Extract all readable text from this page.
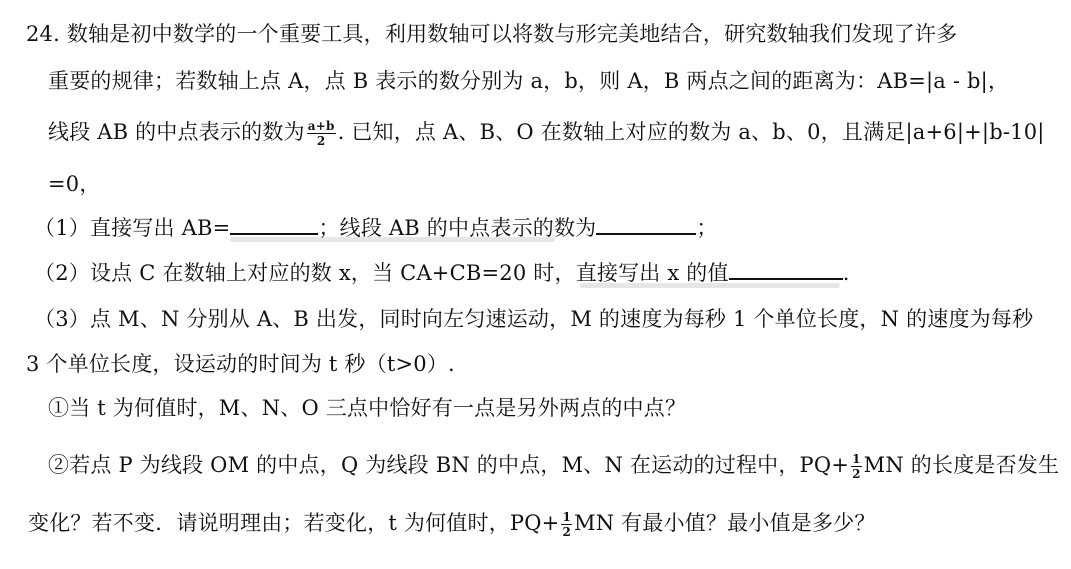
24. 数轴是初中数学的一个重要工具，利用数轴可以将数与形完美地结合，研究数轴我们发现了许多
重要的规律；若数轴上点 A，点 B 表示的数分别为 a，b，则 A，B 两点之间的距离为：AB=|a - b|，
线段 AB 的中点表示的数为 $\frac{a+b}{2}$ . 已知，点 A、B、O 在数轴上对应的数为 a、b、0，且满足|a+6|+|b-10|
=0，
（1）直接写出 AB=	；线段 AB 的中点表示的数为	；
（2）设点 C 在数轴上对应的数 x，当 CA+CB=20 时，直接写出 x 的值	.
（3）点 M、N 分别从 A、B 出发，同时向左匀速运动，M 的速度为每秒 1 个单位长度，N 的速度为每秒
3 个单位长度，设运动的时间为 t 秒（t>0）.
①当 t 为何值时，M、N、O 三点中恰好有一点是另外两点的中点？
②若点 P 为线段 OM 的中点，Q 为线段 BN 的中点，M、N 在运动的过程中，$PQ+ \frac{1}{2}$ MN 的长度是否发生
变化？若不变．请说明理由；若变化，t 为何值时，$PQ+ \frac{1}{2}$ MN 有最小值？最小值是多少？
